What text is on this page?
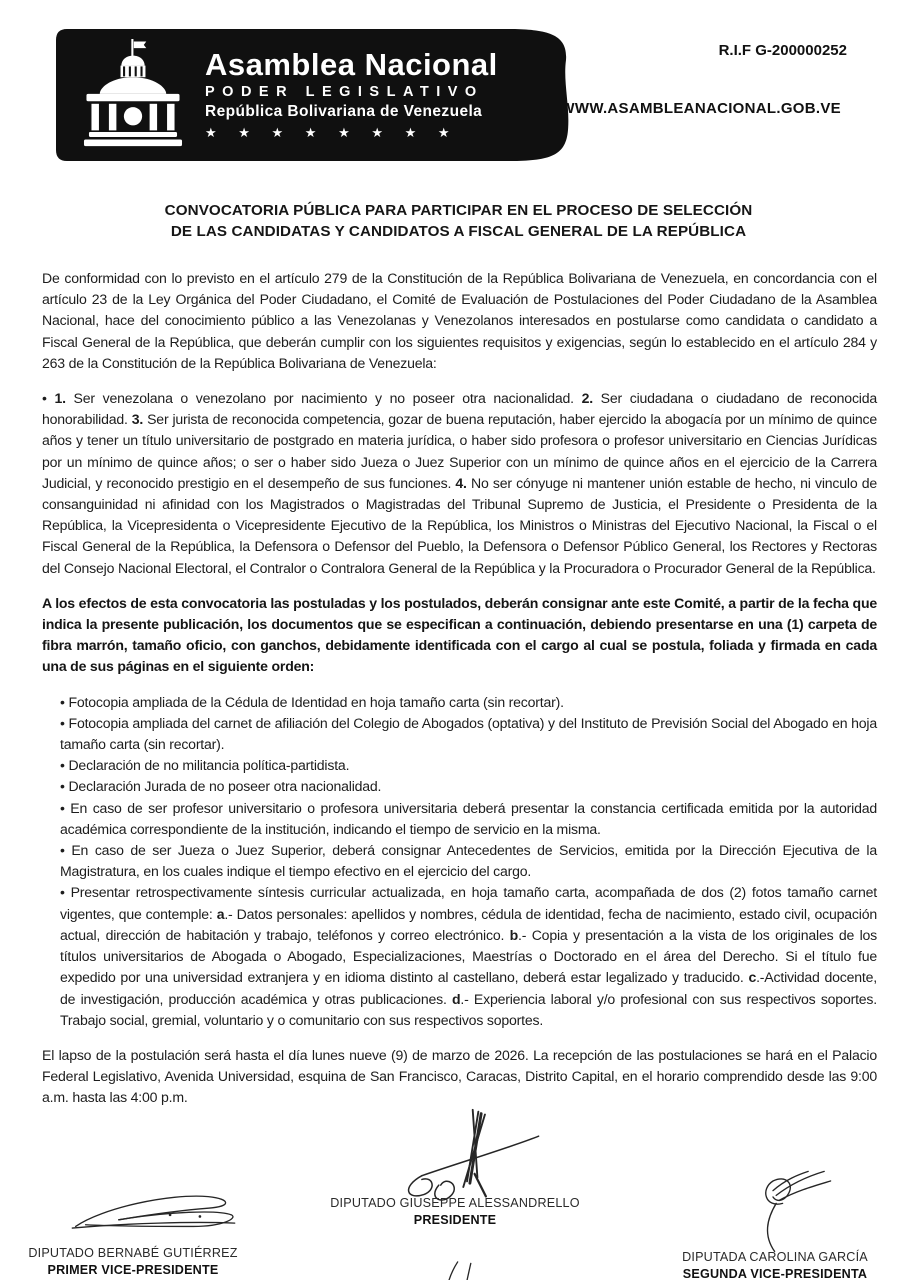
Asamblea Nacional
PODER LEGISLATIVO
República Bolivariana de Venezuela
★ ★ ★ ★ ★ ★ ★ ★
R.I.F G-200000252
WWW.ASAMBLEANACIONAL.GOB.VE
CONVOCATORIA PÚBLICA PARA PARTICIPAR EN EL PROCESO DE SELECCIÓN
DE LAS CANDIDATAS Y CANDIDATOS A FISCAL GENERAL DE LA REPÚBLICA

De conformidad con lo previsto en el artículo 279 de la Constitución de la República Bolivariana de Venezuela, en concordancia con el artículo 23 de la Ley Orgánica del Poder Ciudadano, el Comité de Evaluación de Postulaciones del Poder Ciudadano de la Asamblea Nacional, hace del conocimiento público a las Venezolanas y Venezolanos interesados en postularse como candidata o candidato a Fiscal General de la República, que deberán cumplir con los siguientes requisitos y exigencias, según lo establecido en el artículo 284 y 263 de la Constitución de la República Bolivariana de Venezuela:

• 1. Ser venezolana o venezolano por nacimiento y no poseer otra nacionalidad. 2. Ser ciudadana o ciudadano de reconocida honorabilidad. 3. Ser jurista de reconocida competencia, gozar de buena reputación, haber ejercido la abogacía por un mínimo de quince años y tener un título universitario de postgrado en materia jurídica, o haber sido profesora o profesor universitario en Ciencias Jurídicas por un mínimo de quince años; o ser o haber sido Jueza o Juez Superior con un mínimo de quince años en el ejercicio de la Carrera Judicial, y reconocido prestigio en el desempeño de sus funciones. 4. No ser cónyuge ni mantener unión estable de hecho, ni vinculo de consanguinidad ni afinidad con los Magistrados o Magistradas del Tribunal Supremo de Justicia, el Presidente o Presidenta de la República, la Vicepresidenta o Vicepresidente Ejecutivo de la República, los Ministros o Ministras del Ejecutivo Nacional, la Fiscal o el Fiscal General de la República, la Defensora o Defensor del Pueblo, la Defensora o Defensor Público General, los Rectores y Rectoras del Consejo Nacional Electoral, el Contralor o Contralora General de la República y la Procuradora o Procurador General de la República.

A los efectos de esta convocatoria las postuladas y los postulados, deberán consignar ante este Comité, a partir de la fecha que indica la presente publicación, los documentos que se especifican a continuación, debiendo presentarse en una (1) carpeta de fibra marrón, tamaño oficio, con ganchos, debidamente identificada con el cargo al cual se postula, foliada y firmada en cada una de sus páginas en el siguiente orden:

• Fotocopia ampliada de la Cédula de Identidad en hoja tamaño carta (sin recortar).

• Fotocopia ampliada del carnet de afiliación del Colegio de Abogados (optativa) y del Instituto de Previsión Social del Abogado en hoja tamaño carta (sin recortar).

• Declaración de no militancia política-partidista.

• Declaración Jurada de no poseer otra nacionalidad.

• En caso de ser profesor universitario o profesora universitaria deberá presentar la constancia certificada emitida por la autoridad académica correspondiente de la institución, indicando el tiempo de servicio en la misma.

• En caso de ser Jueza o Juez Superior, deberá consignar Antecedentes de Servicios, emitida por la Dirección Ejecutiva de la Magistratura, en los cuales indique el tiempo efectivo en el ejercicio del cargo.

• Presentar retrospectivamente síntesis curricular actualizada, en hoja tamaño carta, acompañada de dos (2) fotos tamaño carnet vigentes, que contemple: a.- Datos personales: apellidos y nombres, cédula de identidad, fecha de nacimiento, estado civil, ocupación actual, dirección de habitación y trabajo, teléfonos y correo electrónico. b.- Copia y presentación a la vista de los originales de los títulos universitarios de Abogada o Abogado, Especializaciones, Maestrías o Doctorado en el área del Derecho. Si el título fue expedido por una universidad extranjera y en idioma distinto al castellano, deberá estar legalizado y traducido. c.-Actividad docente, de investigación, producción académica y otras publicaciones. d.- Experiencia laboral y/o profesional con sus respectivos soportes. Trabajo social, gremial, voluntario y o comunitario con sus respectivos soportes.

El lapso de la postulación será hasta el día lunes nueve (9) de marzo de 2026. La recepción de las postulaciones se hará en el Palacio Federal Legislativo, Avenida Universidad, esquina de San Francisco, Caracas, Distrito Capital, en el horario comprendido desde las 9:00 a.m. hasta las 4:00 p.m.

DIPUTADO GIUSEPPE ALESSANDRELLO
PRESIDENTE
DIPUTADO BERNABÉ GUTIÉRREZ
PRIMER VICE-PRESIDENTE
DIPUTADA CAROLINA GARCÍA
SEGUNDA VICE-PRESIDENTA
